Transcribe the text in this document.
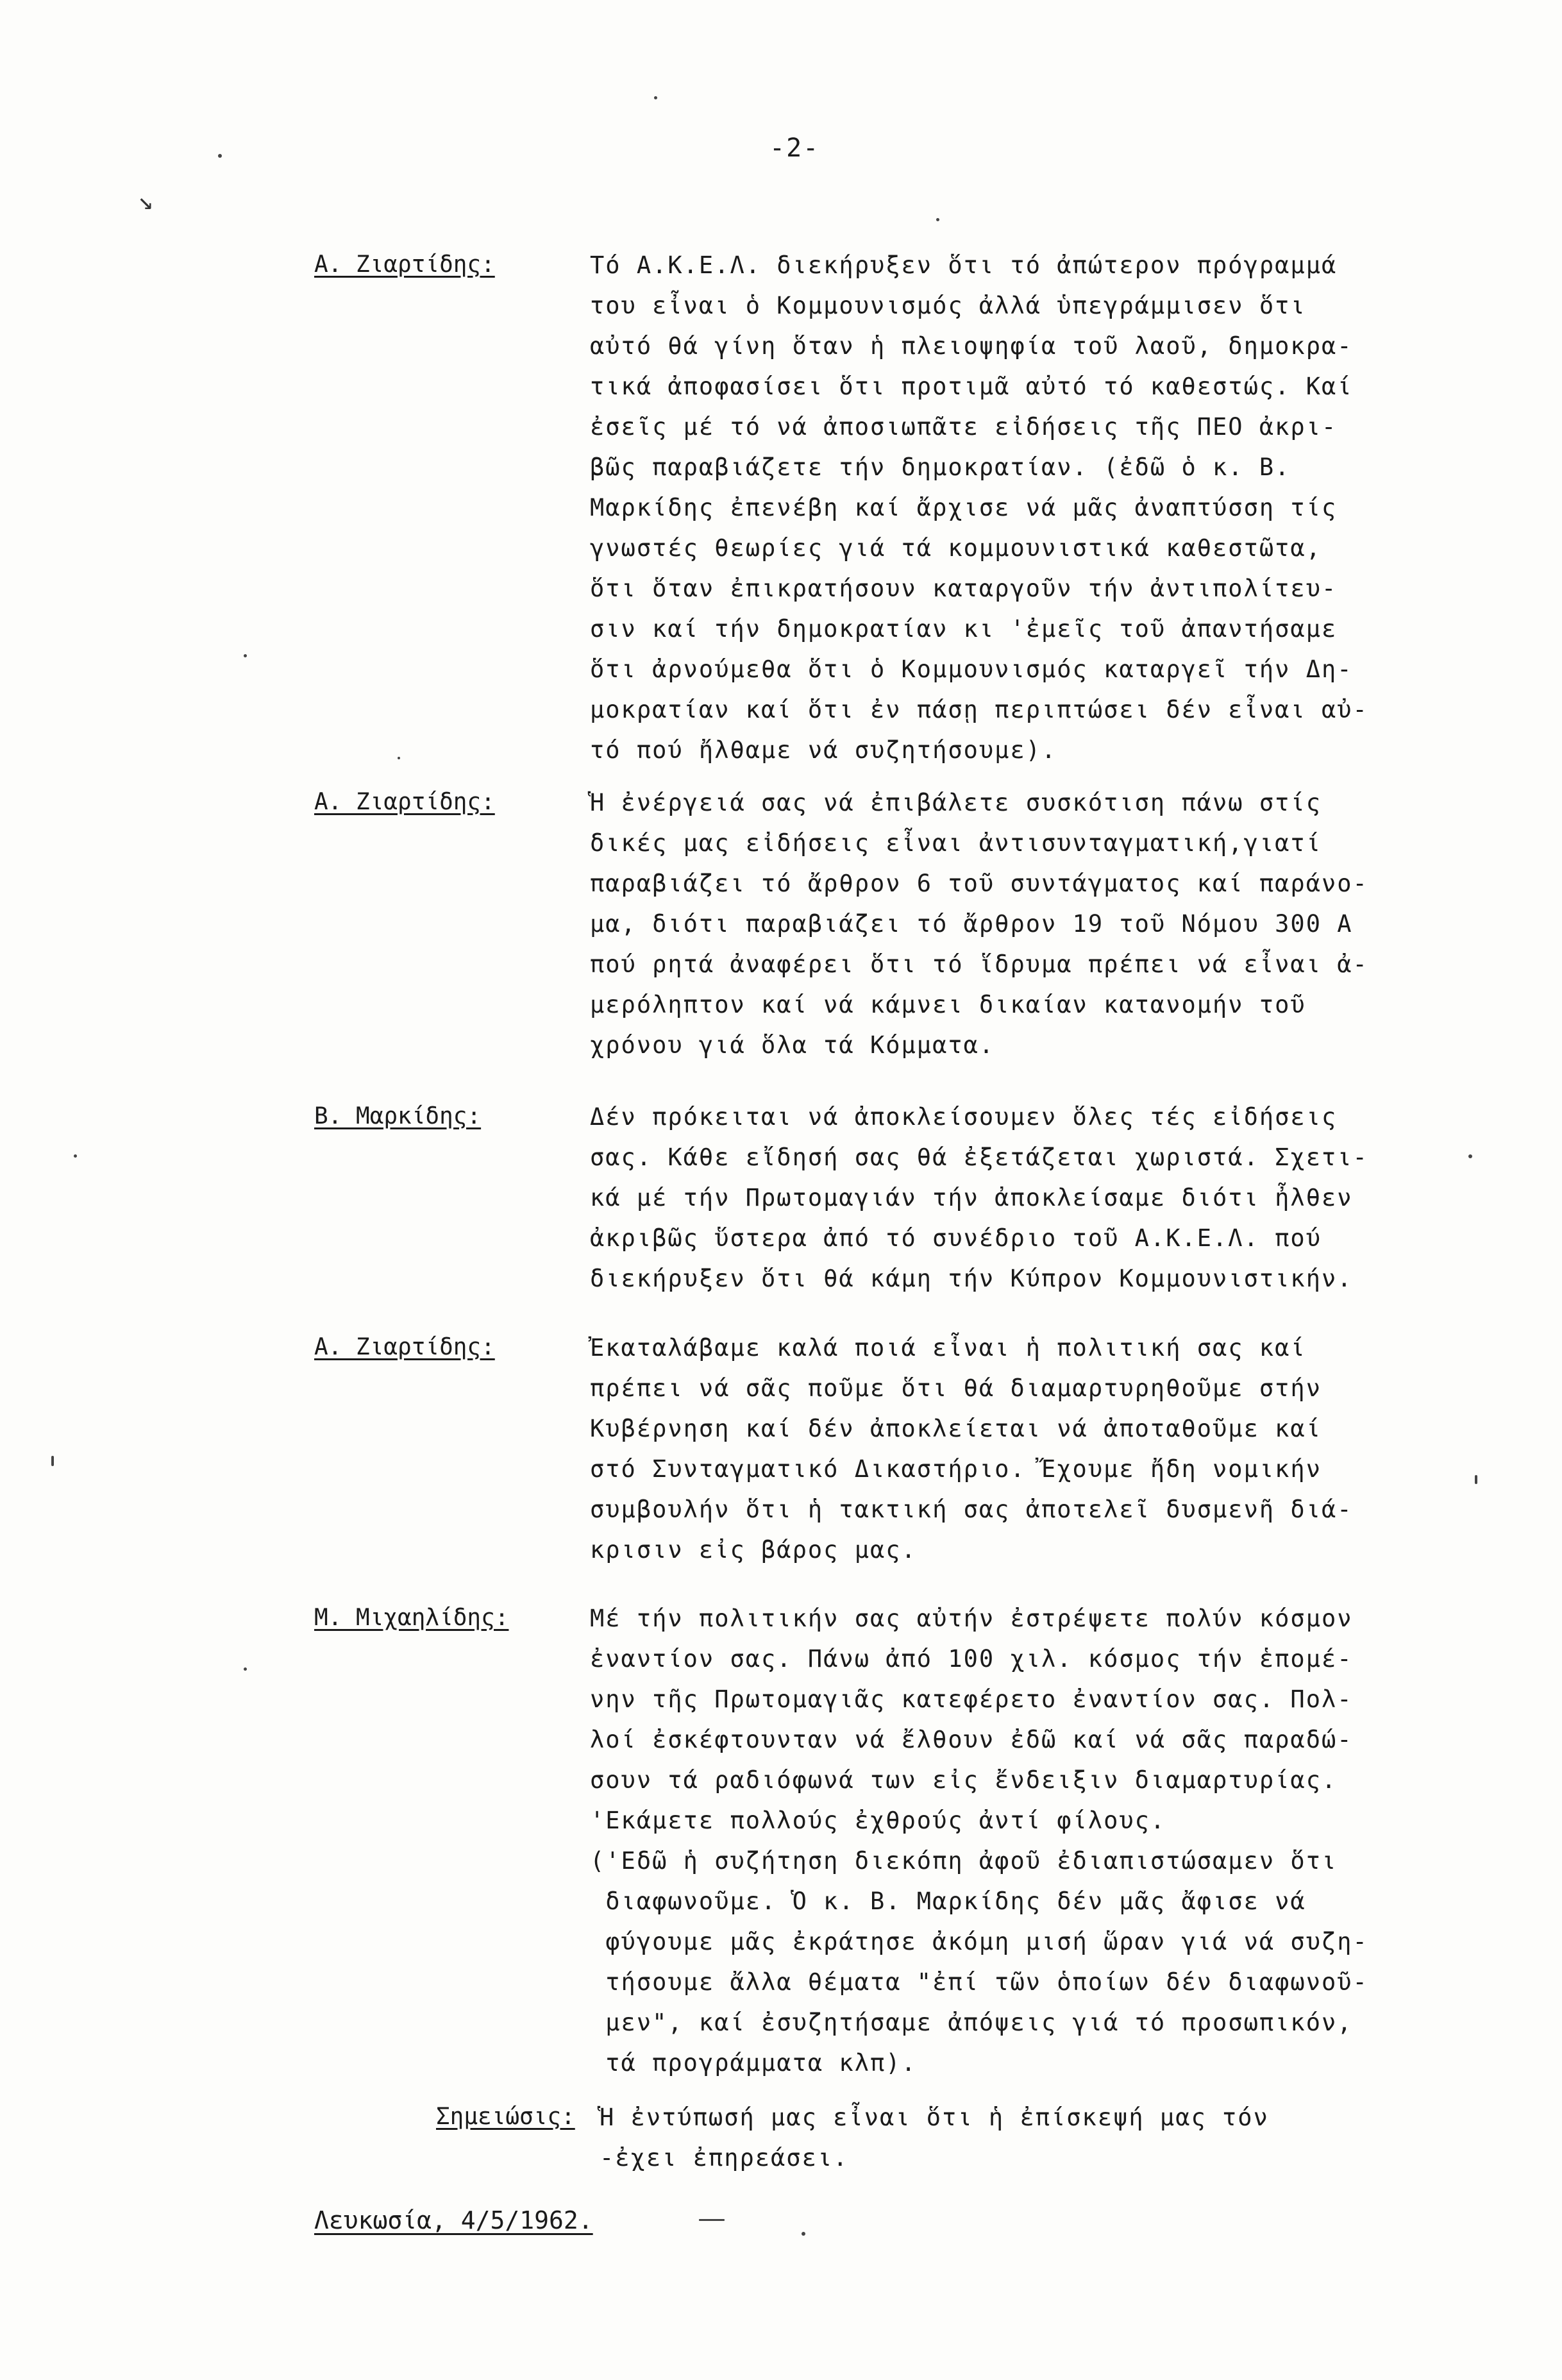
-2-
Α. Ζιαρτίδης:	Τό Α.Κ.Ε.Λ. διεκήρυξεν ὅτι τό ἀπώτερον πρόγραμμά
του εἶναι ὁ Κομμουνισμός ἀλλά ὑπεγράμμισεν ὅτι
αὐτό θά γίνη ὅταν ἡ πλειοψηφία τοῦ λαοῦ, δημοκρα-
τικά ἀποφασίσει ὅτι προτιμᾶ αὐτό τό καθεστώς. Καί
ἐσεῖς μέ τό νά ἀποσιωπᾶτε εἰδήσεις τῆς ΠΕΟ ἀκρι-
βῶς παραβιάζετε τήν δημοκρατίαν. (ἐδῶ ὁ κ. Β.
Μαρκίδης ἐπενέβη καί ἄρχισε νά μᾶς ἀναπτύσση τίς
γνωστές θεωρίες γιά τά κομμουνιστικά καθεστῶτα,
ὅτι ὅταν ἐπικρατήσουν καταργοῦν τήν ἀντιπολίτευ-
σιν καί τήν δημοκρατίαν κι 'ἐμεῖς τοῦ ἀπαντήσαμε
ὅτι ἀρνούμεθα ὅτι ὁ Κομμουνισμός καταργεῖ τήν Δη-
μοκρατίαν καί ὅτι ἐν πάσῃ περιπτώσει δέν εἶναι αὐ-
τό πού ἤλθαμε νά συζητήσουμε).
Α. Ζιαρτίδης:	Ἡ ἐνέργειά σας νά ἐπιβάλετε συσκότιση πάνω στίς
δικές μας εἰδήσεις εἶναι ἀντισυνταγματική,γιατί
παραβιάζει τό ἄρθρον 6 τοῦ συντάγματος καί παράνο-
μα, διότι παραβιάζει τό ἄρθρον 19 τοῦ Νόμου 300 Α
πού ρητά ἀναφέρει ὅτι τό ἵδρυμα πρέπει νά εἶναι ἀ-
μερόληπτον καί νά κάμνει δικαίαν κατανομήν τοῦ
χρόνου γιά ὅλα τά Κόμματα.
Β. Μαρκίδης:	Δέν πρόκειται νά ἀποκλείσουμεν ὅλες τές εἰδήσεις
σας. Κάθε εἴδησή σας θά ἐξετάζεται χωριστά. Σχετι-
κά μέ τήν Πρωτομαγιάν τήν ἀποκλείσαμε διότι ἦλθεν
ἀκριβῶς ὕστερα ἀπό τό συνέδριο τοῦ Α.Κ.Ε.Λ. πού
διεκήρυξεν ὅτι θά κάμη τήν Κύπρον Κομμουνιστικήν.
Α. Ζιαρτίδης:	Ἐκαταλάβαμε καλά ποιά εἶναι ἡ πολιτική σας καί
πρέπει νά σᾶς ποῦμε ὅτι θά διαμαρτυρηθοῦμε στήν
Κυβέρνηση καί δέν ἀποκλείεται νά ἀποταθοῦμε καί
στό Συνταγματικό Δικαστήριο. Ἔχουμε ἤδη νομικήν
συμβουλήν ὅτι ἡ τακτική σας ἀποτελεῖ δυσμενῆ διά-
κρισιν εἰς βάρος μας.
Μ. Μιχαηλίδης:	Μέ τήν πολιτικήν σας αὐτήν ἐστρέψετε πολύν κόσμον
ἐναντίον σας. Πάνω ἀπό 100 χιλ. κόσμος τήν ἑπομέ-
νην τῆς Πρωτομαγιᾶς κατεφέρετο ἐναντίον σας. Πολ-
λοί ἐσκέφτουνταν νά ἔλθουν ἐδῶ καί νά σᾶς παραδώ-
σουν τά ραδιόφωνά των εἰς ἔνδειξιν διαμαρτυρίας.
'Εκάμετε πολλούς ἐχθρούς ἀντί φίλους.
('Εδῶ ἡ συζήτηση διεκόπη ἀφοῦ ἐδιαπιστώσαμεν ὅτι
διαφωνοῦμε. Ὁ κ. Β. Μαρκίδης δέν μᾶς ἄφισε νά
φύγουμε μᾶς ἐκράτησε ἀκόμη μισή ὥραν γιά νά συζη-
τήσουμε ἄλλα θέματα "ἐπί τῶν ὁποίων δέν διαφωνοῦ-
μεν", καί ἐσυζητήσαμε ἀπόψεις γιά τό προσωπικόν,
τά προγράμματα κλπ).
Σημειώσις: Ἡ ἐντύπωσή μας εἶναι ὅτι ἡ ἐπίσκεψή μας τόν
-ἐχει ἐπηρεάσει.
Λευκωσία, 4/5/1962.
↘
